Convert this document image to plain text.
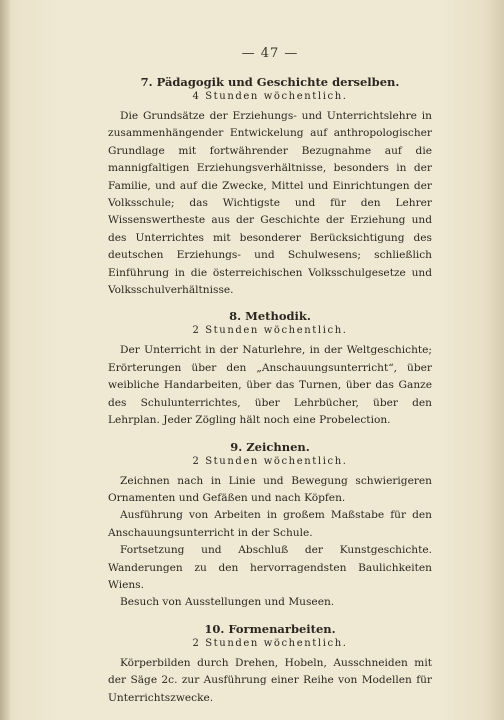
— 47 —

7. Pädagogik und Geschichte derselben.

4 Stunden wöchentlich.

Die Grundsätze der Erziehungs- und Unterrichtslehre in zusammenhängender Entwickelung auf anthropologischer Grundlage mit fortwährender Bezugnahme auf die mannigfaltigen Erziehungsverhältnisse, besonders in der Familie, und auf die Zwecke, Mittel und Einrichtungen der Volksschule; das Wichtigste und für den Lehrer Wissenswertheste aus der Geschichte der Erziehung und des Unterrichtes mit besonderer Berücksichtigung des deutschen Erziehungs- und Schulwesens; schließlich Einführung in die österreichischen Volksschulgesetze und Volksschulverhältnisse.

8. Methodik.

2 Stunden wöchentlich.

Der Unterricht in der Naturlehre, in der Weltgeschichte; Erörterungen über den „Anschauungsunterricht“, über weibliche Handarbeiten, über das Turnen, über das Ganze des Schulunterrichtes, über Lehrbücher, über den Lehrplan. Jeder Zögling hält noch eine Probelection.

9. Zeichnen.

2 Stunden wöchentlich.

Zeichnen nach in Linie und Bewegung schwierigeren Ornamenten und Gefäßen und nach Köpfen.

Ausführung von Arbeiten in großem Maßstabe für den Anschauungsunterricht in der Schule.

Fortsetzung und Abschluß der Kunstgeschichte. Wanderungen zu den hervorragendsten Baulichkeiten Wiens.

Besuch von Ausstellungen und Museen.

10. Formenarbeiten.

2 Stunden wöchentlich.

Körperbilden durch Drehen, Hobeln, Ausschneiden mit der Säge 2c. zur Ausführung einer Reihe von Modellen für Unterrichtszwecke.
